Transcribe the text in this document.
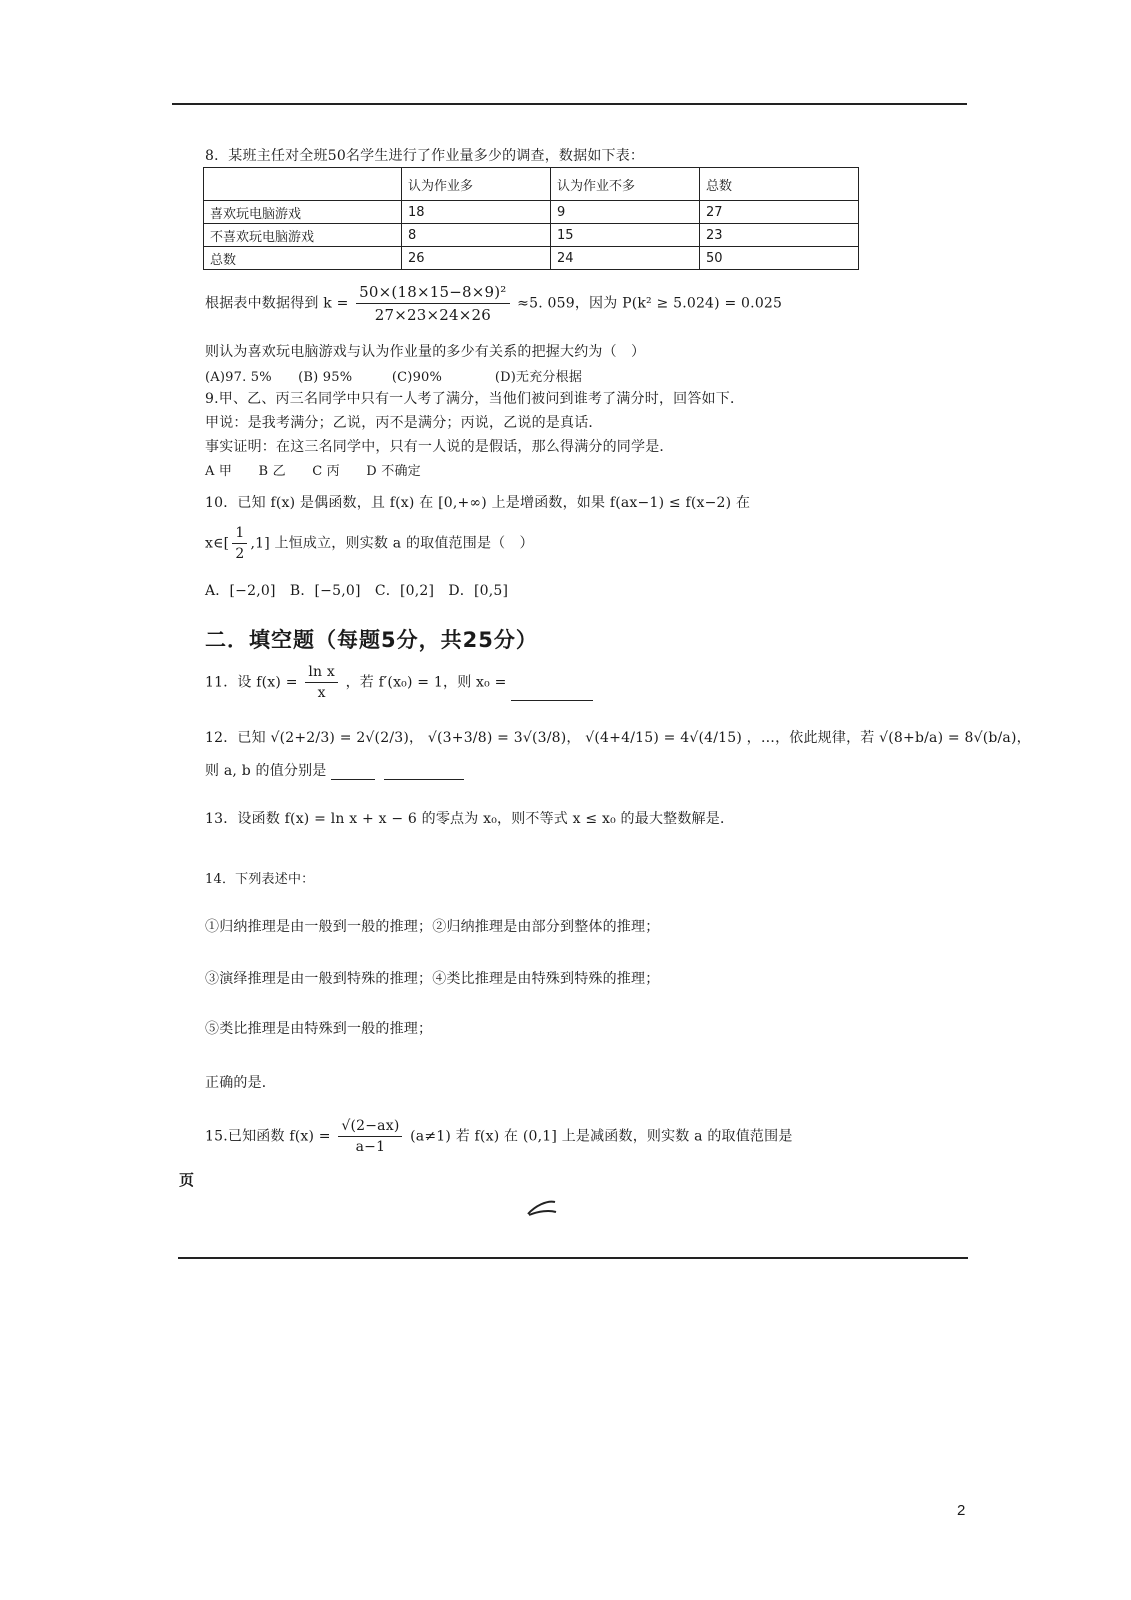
8．某班主任对全班50名学生进行了作业量多少的调查，数据如下表：
	认为作业多	认为作业不多	总数
喜欢玩电脑游戏	18	9	27
不喜欢玩电脑游戏	8	15	23
总数	26	24	50
根据表中数据得到 $k = \frac{\text{50×(18×15−8×9)²}}{27\times 23\times 24\times 26} \approx 5$. 059，因为 P(k² ≥ 5.024) = 0.025
则认为喜欢玩电脑游戏与认为作业量的多少有关系的把握大约为（　）
(A)97. 5%　　(B) 95%　　　(C)90%　　　　(D)无充分根据
9.甲、乙、丙三名同学中只有一人考了满分，当他们被问到谁考了满分时，回答如下．
甲说：是我考满分；乙说，丙不是满分；丙说，乙说的是真话．
事实证明：在这三名同学中，只有一人说的是假话，那么得满分的同学是．
A 甲　　B 乙　　C 丙　　D 不确定
10．已知 f(x) 是偶函数，且 f(x) 在 [0,+∞) 上是增函数，如果 f(ax−1) ≤ f(x−2) 在
x∈[ $\frac{1}{2} ,1$] 上恒成立，则实数 a 的取值范围是（　）
A．[−2,0]　B．[−5,0]　C．[0,2]　D．[0,5]
二．填空题（每题5分，共25分）
11．设 $f(x) = \frac{\text{ln x}}{x}$ ，若 f′(x₀) = 1，则 x₀ =
12．已知 √(2+2/3) = 2√(2/3)， √(3+3/8) = 3√(3/8)， √(4+4/15) = 4√(4/15) ，…，依此规律，若 √(8+b/a) = 8√(b/a)，
则 a, b 的值分别是
13．设函数 f(x) = ln x + x − 6 的零点为 x₀，则不等式 x ≤ x₀ 的最大整数解是．
14．下列表述中：
①归纳推理是由一般到一般的推理；②归纳推理是由部分到整体的推理；
③演绎推理是由一般到特殊的推理；④类比推理是由特殊到特殊的推理；
⑤类比推理是由特殊到一般的推理；
正确的是．
15.已知函数 $f(x) = \frac{√(2-ax)}{a-1} (a\ne 1)$ 若 f(x) 在 (0,1] 上是减函数，则实数 a 的取值范围是
页
2
